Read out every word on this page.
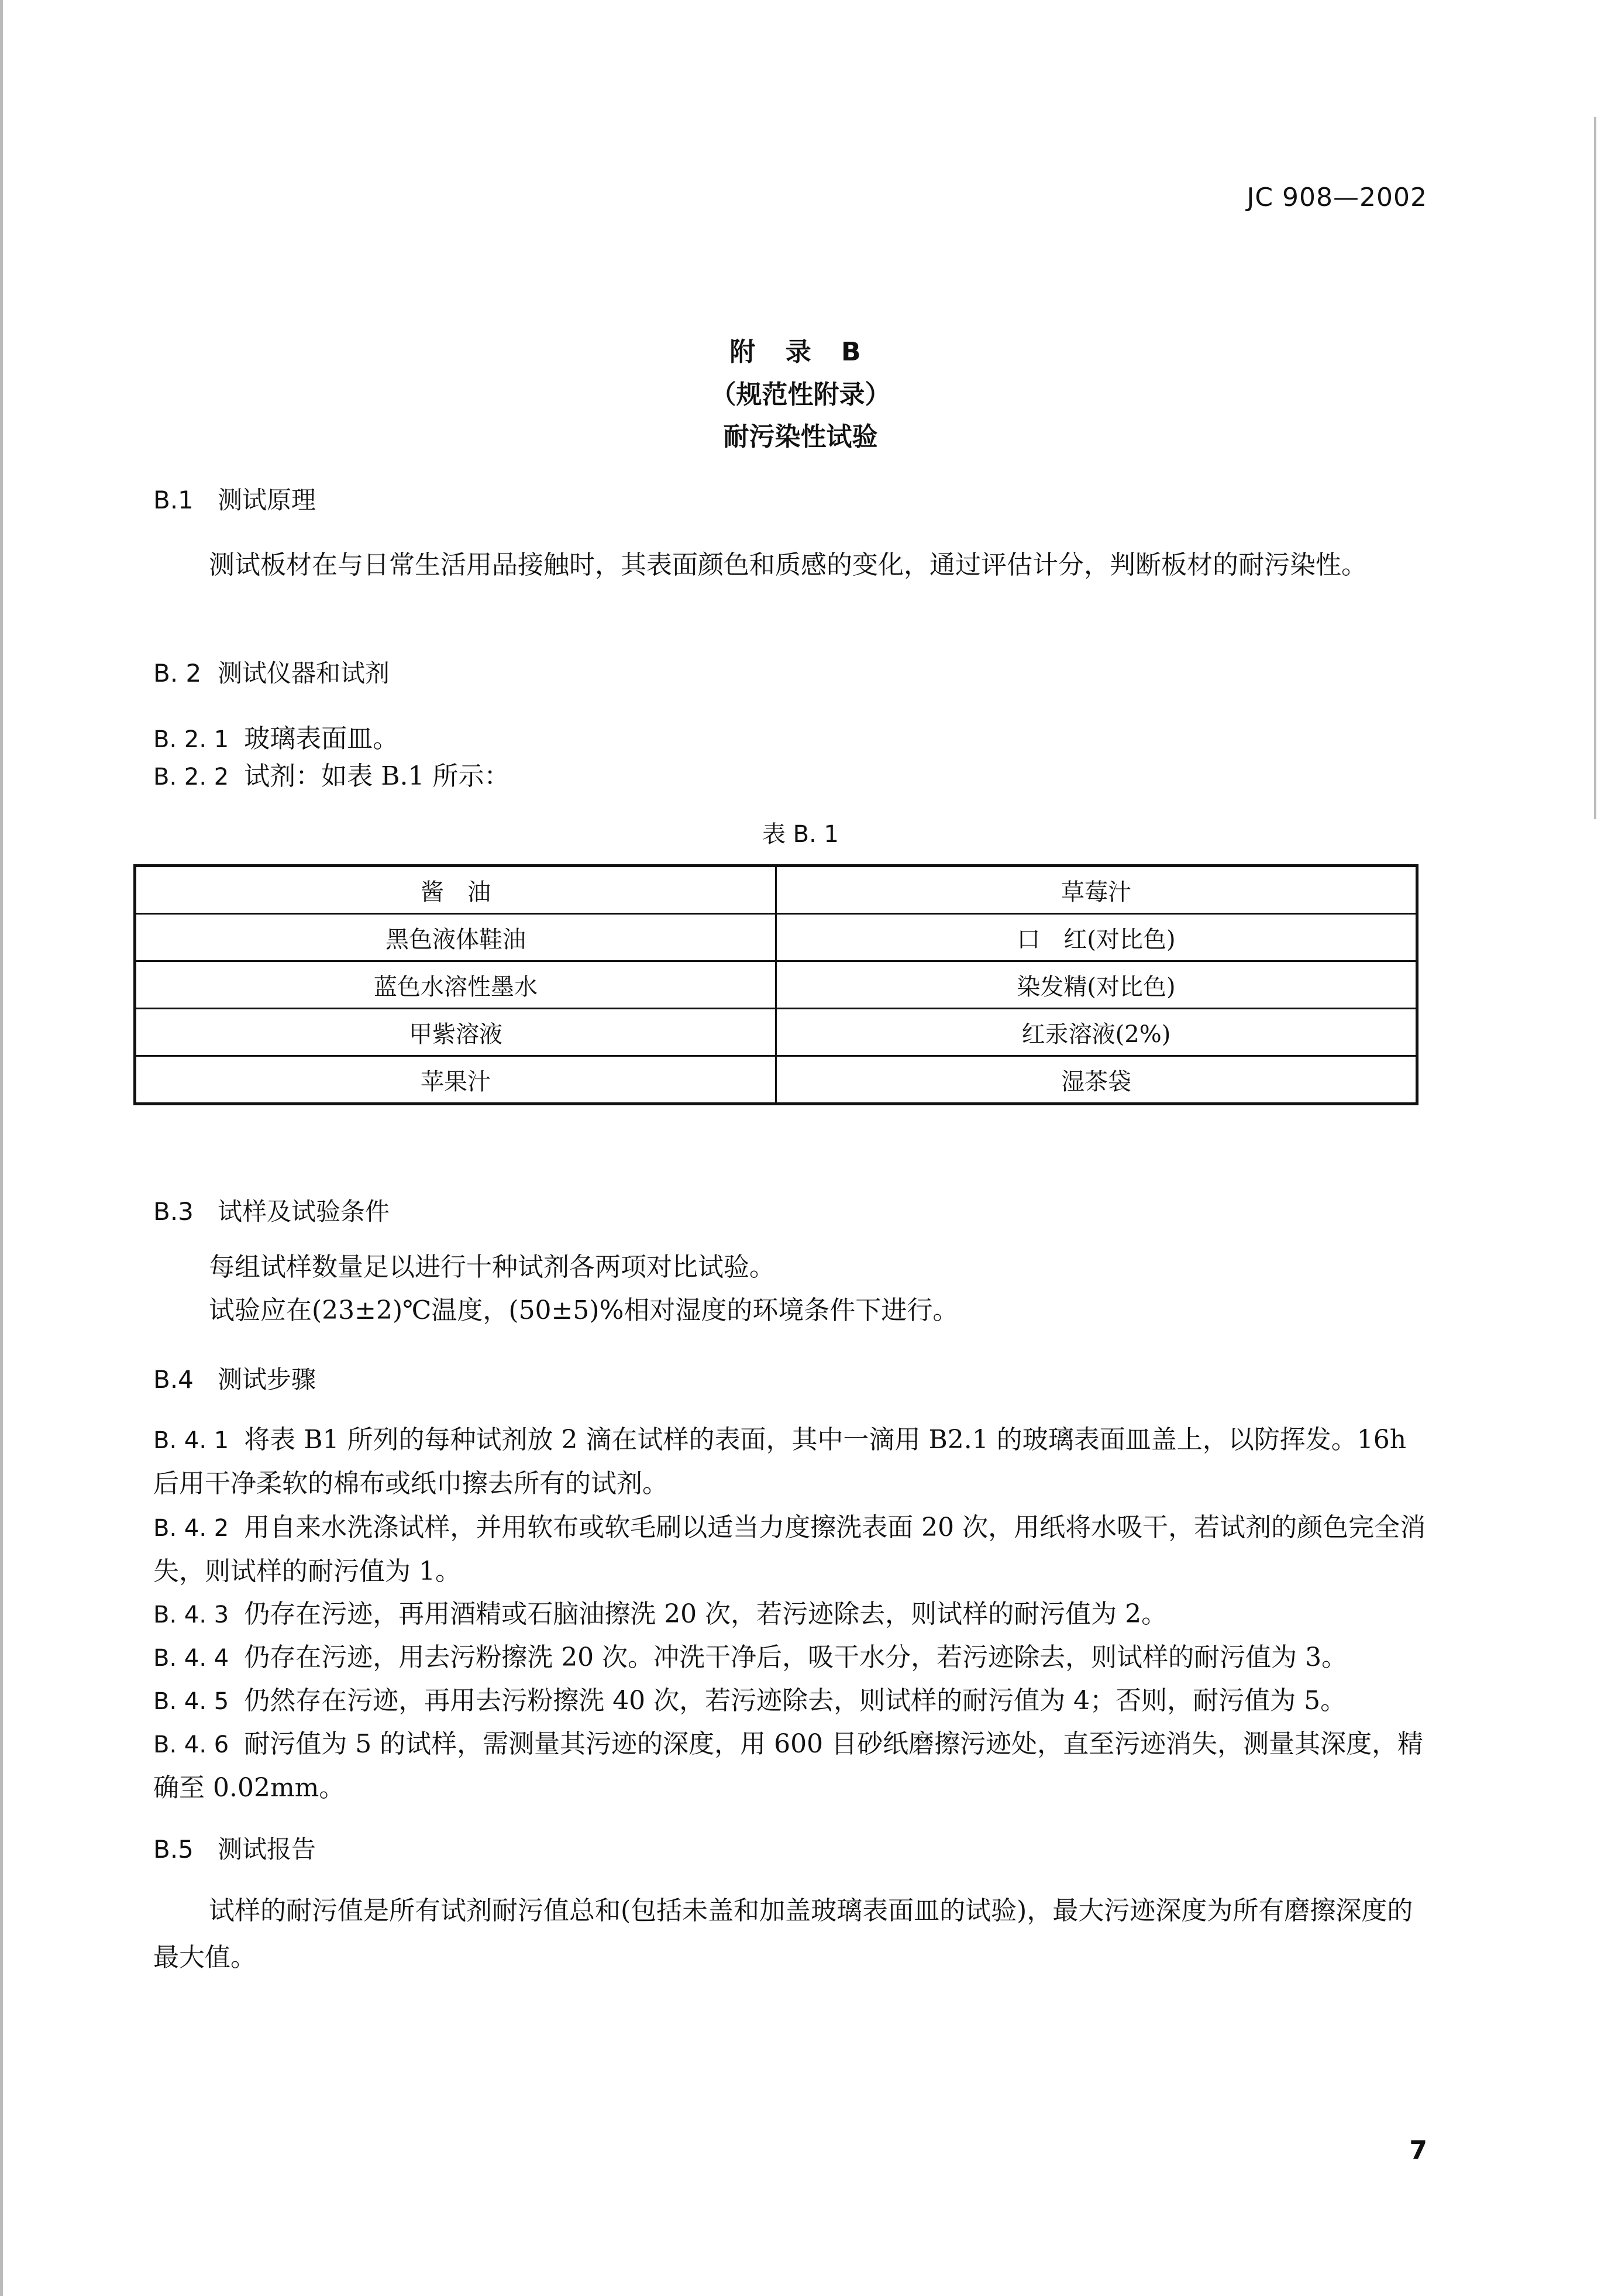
JC 908—2002
附 录 B
（规范性附录）
耐污染性试验
B.1 测试原理
测试板材在与日常生活用品接触时，其表面颜色和质感的变化，通过评估计分，判断板材的耐污染性。
B. 2 测试仪器和试剂
B. 2. 1 玻璃表面皿。
B. 2. 2 试剂：如表 B.1 所示：
表 B. 1
酱　油	草莓汁
黑色液体鞋油	口　红(对比色)
蓝色水溶性墨水	染发精(对比色)
甲紫溶液	红汞溶液(2%)
苹果汁	湿茶袋
B.3 试样及试验条件
每组试样数量足以进行十种试剂各两项对比试验。
试验应在(23±2)℃温度，(50±5)%相对湿度的环境条件下进行。
B.4 测试步骤
B. 4. 1 将表 B1 所列的每种试剂放 2 滴在试样的表面，其中一滴用 B2.1 的玻璃表面皿盖上，以防挥发。16h 后用干净柔软的棉布或纸巾擦去所有的试剂。
B. 4. 2 用自来水洗涤试样，并用软布或软毛刷以适当力度擦洗表面 20 次，用纸将水吸干，若试剂的颜色完全消失，则试样的耐污值为 1。
B. 4. 3 仍存在污迹，再用酒精或石脑油擦洗 20 次，若污迹除去，则试样的耐污值为 2。
B. 4. 4 仍存在污迹，用去污粉擦洗 20 次。冲洗干净后，吸干水分，若污迹除去，则试样的耐污值为 3。
B. 4. 5 仍然存在污迹，再用去污粉擦洗 40 次，若污迹除去，则试样的耐污值为 4；否则，耐污值为 5。
B. 4. 6 耐污值为 5 的试样，需测量其污迹的深度，用 600 目砂纸磨擦污迹处，直至污迹消失，测量其深度，精确至 0.02mm。
B.5 测试报告
试样的耐污值是所有试剂耐污值总和(包括未盖和加盖玻璃表面皿的试验)，最大污迹深度为所有磨擦深度的最大值。
7
